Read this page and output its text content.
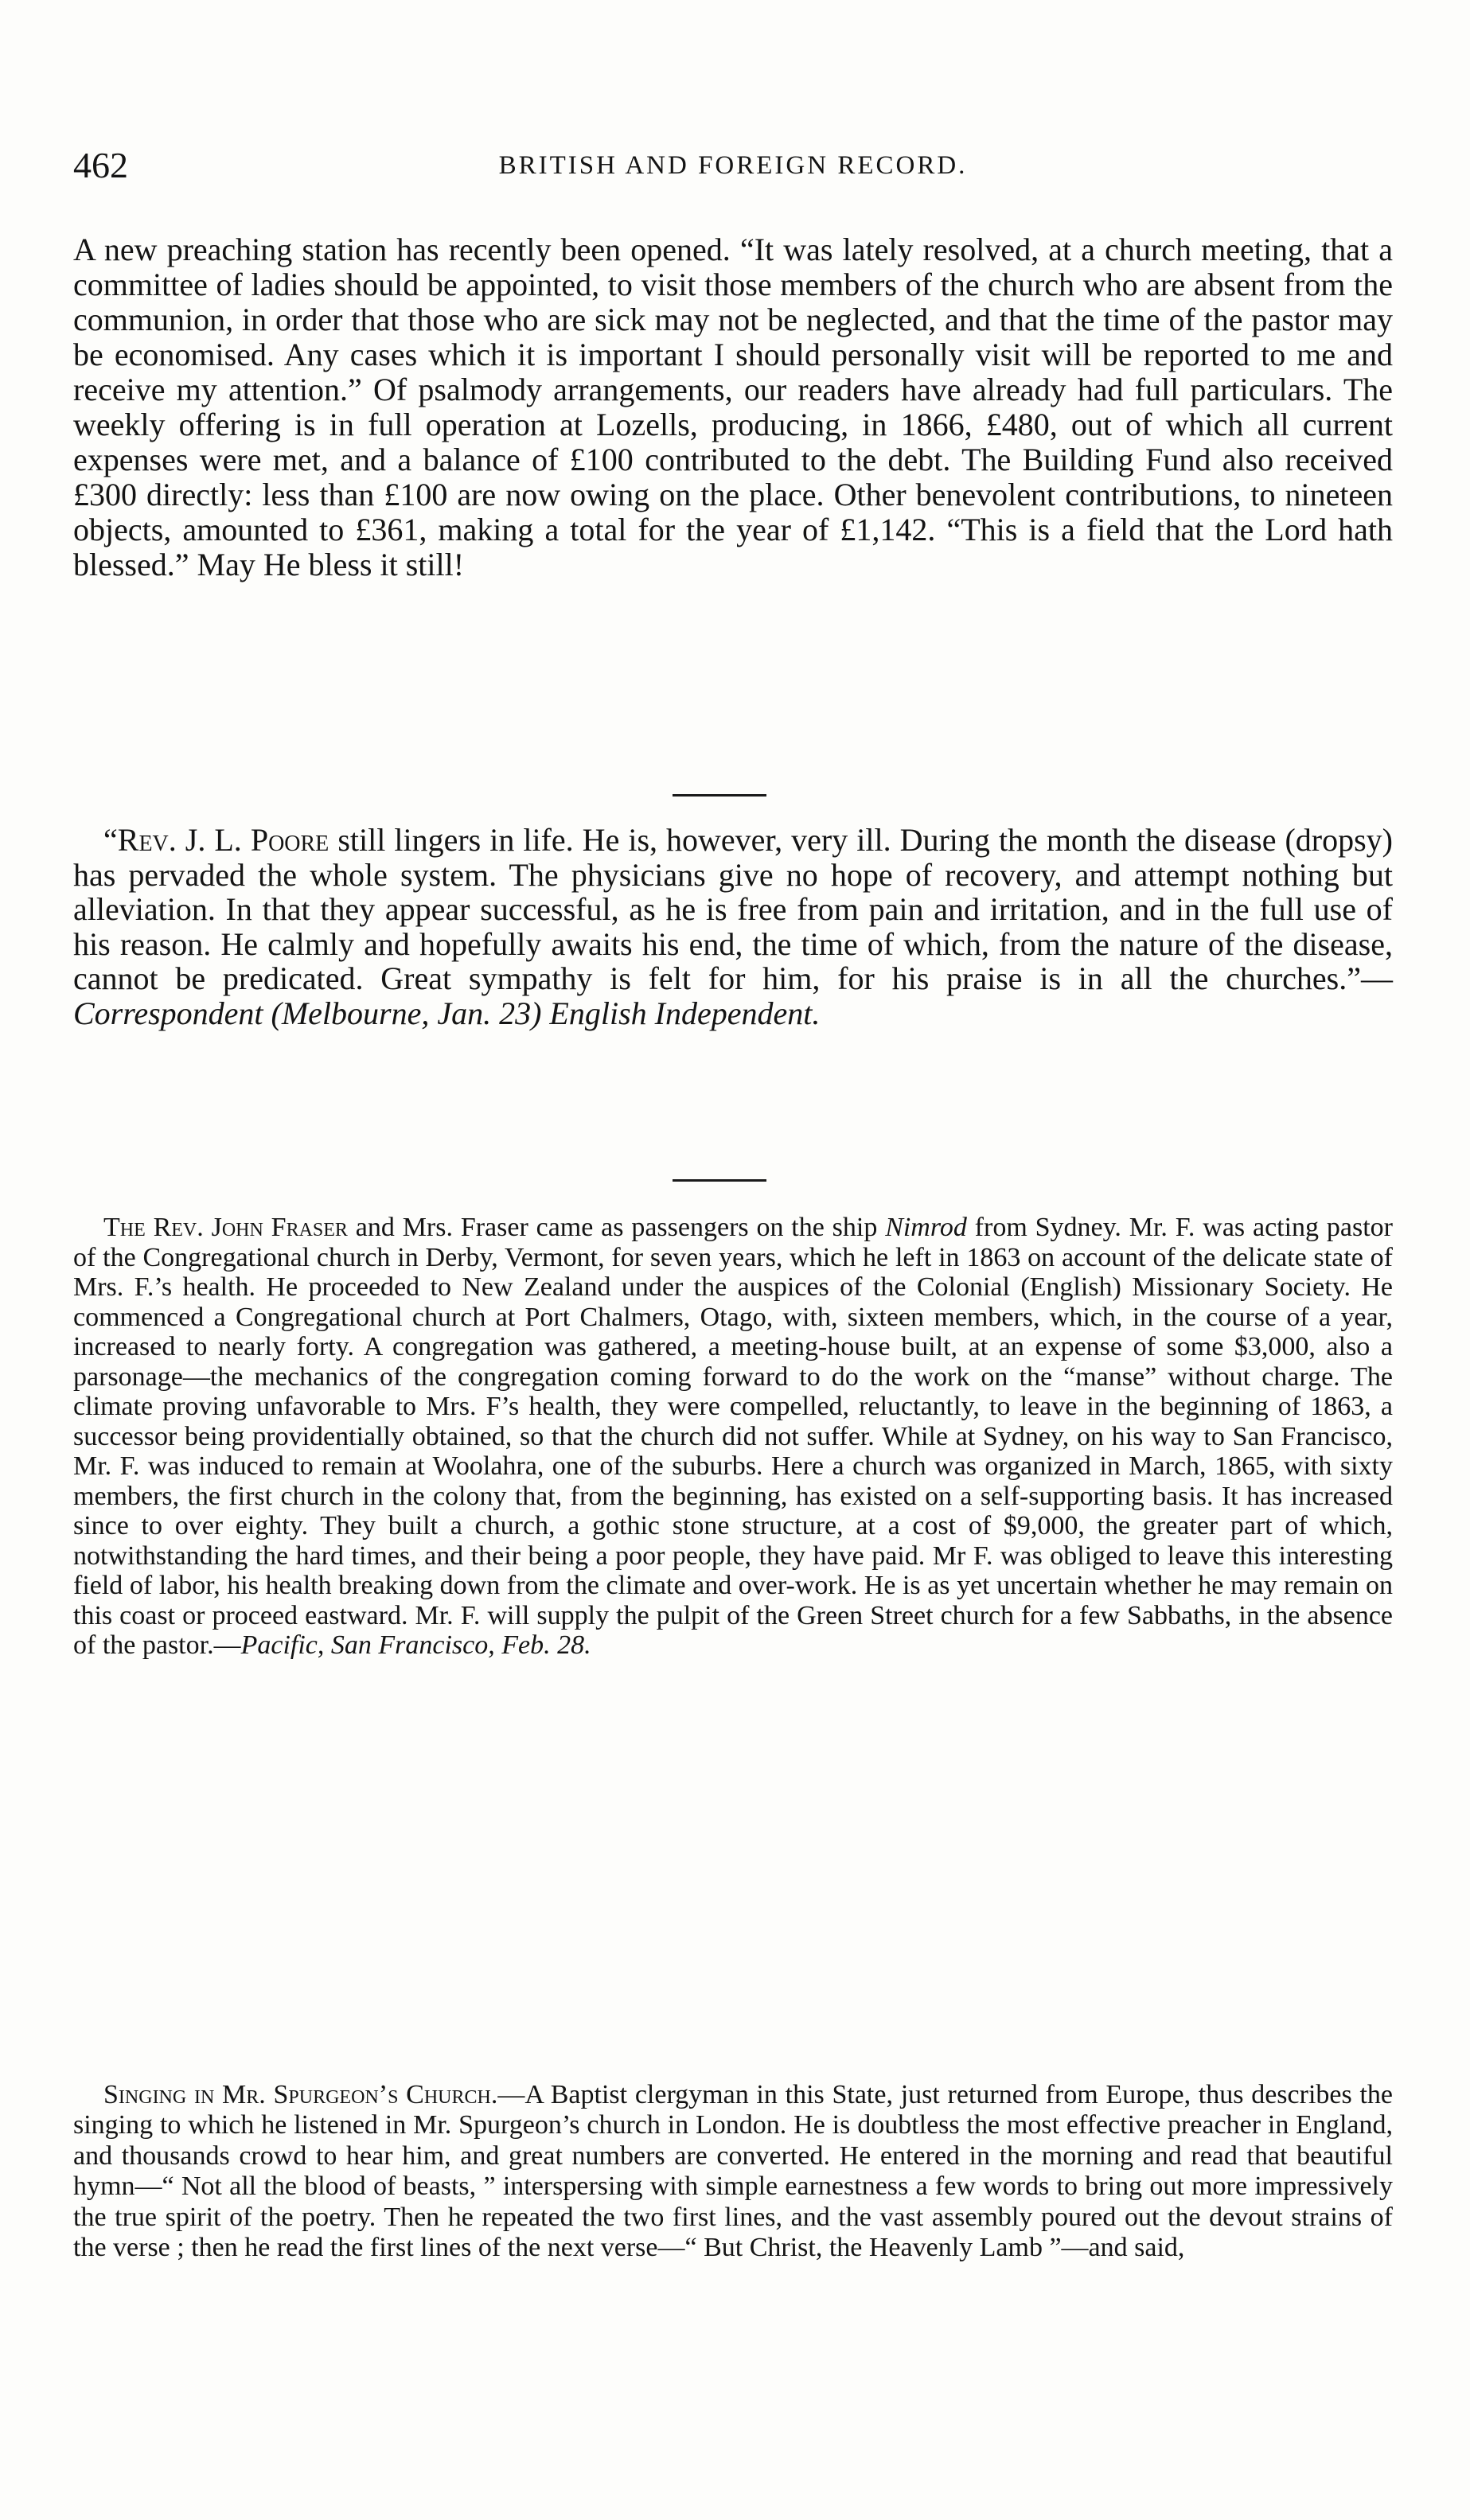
462	BRITISH AND FOREIGN RECORD.

A new preaching station has recently been opened. “It was lately resolved, at a church meeting, that a committee of ladies should be appointed, to visit those members of the church who are absent from the communion, in order that those who are sick may not be neglected, and that the time of the pastor may be economised. Any cases which it is important I should personally visit will be reported to me and receive my attention.” Of psalmody arrangements, our readers have already had full particulars. The weekly offering is in full operation at Lozells, producing, in 1866, £480, out of which all current expenses were met, and a balance of £100 contributed to the debt. The Building Fund also received £300 directly: less than £100 are now owing on the place. Other benevolent contributions, to nineteen objects, amounted to £361, making a total for the year of £1,142. “This is a field that the Lord hath blessed.” May He bless it still!

“Rev. J. L. Poore still lingers in life. He is, however, very ill. During the month the disease (dropsy) has pervaded the whole system. The physicians give no hope of recovery, and attempt nothing but alleviation. In that they appear successful, as he is free from pain and irritation, and in the full use of his reason. He calmly and hopefully awaits his end, the time of which, from the nature of the disease, cannot be predicated. Great sympathy is felt for him, for his praise is in all the churches.”—Correspondent (Melbourne, Jan. 23) English Independent.

The Rev. John Fraser and Mrs. Fraser came as passengers on the ship Nimrod from Sydney. Mr. F. was acting pastor of the Congregational church in Derby, Vermont, for seven years, which he left in 1863 on account of the delicate state of Mrs. F.’s health. He proceeded to New Zealand under the auspices of the Colonial (English) Missionary Society. He commenced a Congregational church at Port Chalmers, Otago, with, sixteen members, which, in the course of a year, increased to nearly forty. A congregation was gathered, a meeting-house built, at an expense of some $3,000, also a parsonage—the mechanics of the congregation coming forward to do the work on the “manse” without charge. The climate proving unfavorable to Mrs. F’s health, they were compelled, reluctantly, to leave in the beginning of 1863, a successor being providentially obtained, so that the church did not suffer. While at Sydney, on his way to San Francisco, Mr. F. was induced to remain at Woolahra, one of the suburbs. Here a church was organized in March, 1865, with sixty members, the first church in the colony that, from the beginning, has existed on a self-supporting basis. It has increased since to over eighty. They built a church, a gothic stone structure, at a cost of $9,000, the greater part of which, notwithstanding the hard times, and their being a poor people, they have paid. Mr F. was obliged to leave this interesting field of labor, his health breaking down from the climate and over-work. He is as yet uncertain whether he may remain on this coast or proceed eastward. Mr. F. will supply the pulpit of the Green Street church for a few Sabbaths, in the absence of the pastor.—Pacific, San Francisco, Feb. 28.

Singing in Mr. Spurgeon’s Church.—A Baptist clergyman in this State, just returned from Europe, thus describes the singing to which he listened in Mr. Spurgeon’s church in London. He is doubtless the most effective preacher in England, and thousands crowd to hear him, and great numbers are converted. He entered in the morning and read that beautiful hymn—“ Not all the blood of beasts, ” interspersing with simple earnestness a few words to bring out more impressively the true spirit of the poetry. Then he repeated the two first lines, and the vast assembly poured out the devout strains of the verse ; then he read the first lines of the next verse—“ But Christ, the Heavenly Lamb ”—and said,
